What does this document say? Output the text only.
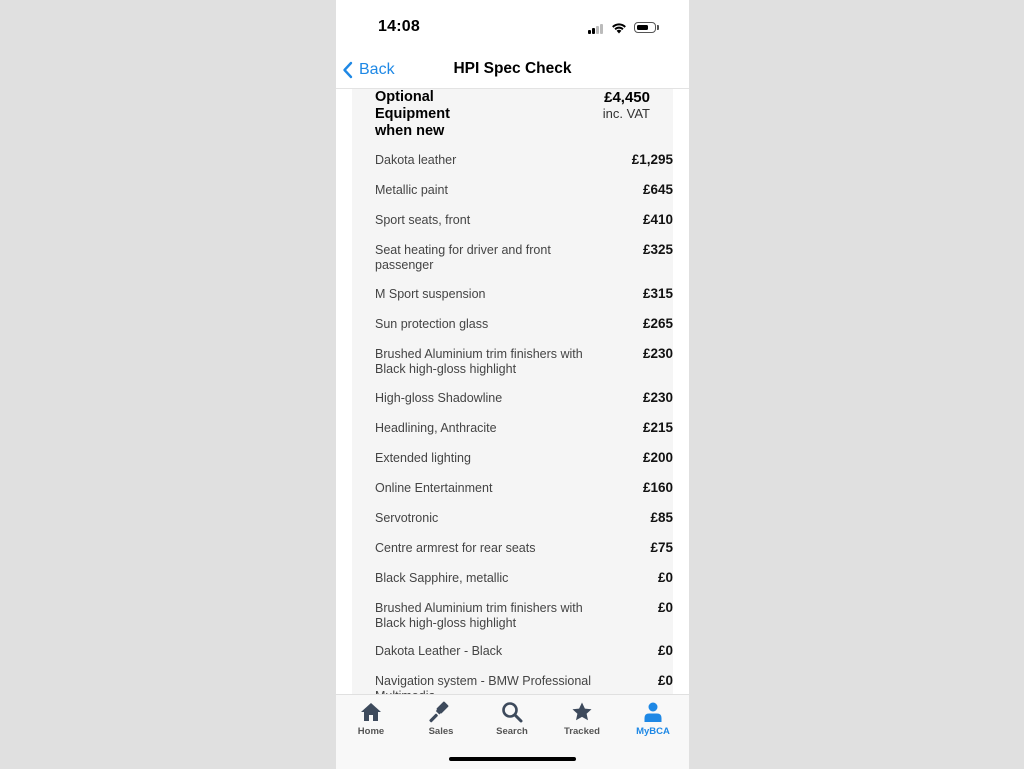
14:08
Back	HPI Spec Check
Optional Equipment when new
£4,450
inc. VAT
Dakota leather	£1,295
Metallic paint	£645
Sport seats, front	£410
Seat heating for driver and front passenger
£325
M Sport suspension	£315
Sun protection glass	£265
Brushed Aluminium trim finishers with Black high-gloss highlight
£230
High-gloss Shadowline	£230
Headlining, Anthracite	£215
Extended lighting	£200
Online Entertainment	£160
Servotronic	£85
Centre armrest for rear seats	£75
Black Sapphire, metallic	£0
Brushed Aluminium trim finishers with Black high-gloss highlight
£0
Dakota Leather - Black	£0
Navigation system - BMW Professional	£0
Home	Sales	Search	Tracked	MyBCA
